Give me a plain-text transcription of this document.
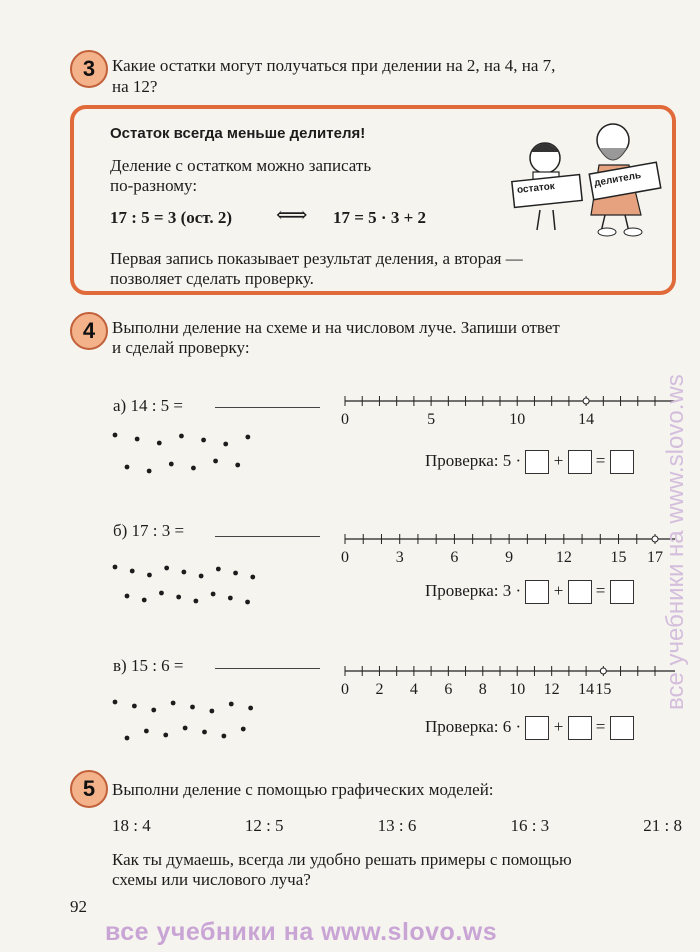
3 Какие остатки могут получаться при делении на 2, на 4, на 7,
на 12?
Остаток всегда меньше делителя!
Деление с остатком можно записать
по-разному:
17 : 5 = 3 (ост. 2) ⟺ 17 = 5 · 3 + 2
Первая запись показывает результат деления, а вторая —
позволяет сделать проверку.
остаток	делитель
4 Выполни деление на схеме и на числовом луче. Запиши ответ
и сделай проверку:
а) 14 : 5 =
0	5	10	14
Проверка: 5 · + =
б) 17 : 3 =
0	3	6	9	12 15 17
Проверка: 3 · + =
в) 15 : 6 =
0 2 4 6 8 10 12 14 15
Проверка: 6 · + =
5 Выполни деление с помощью графических моделей:
18 : 4	12 : 5	13 : 6	16 : 3	21 : 8
Как ты думаешь, всегда ли удобно решать примеры с помощью
схемы или числового луча?
92
все учебники на www.slovo.ws
все учебники на www.slovo.ws
